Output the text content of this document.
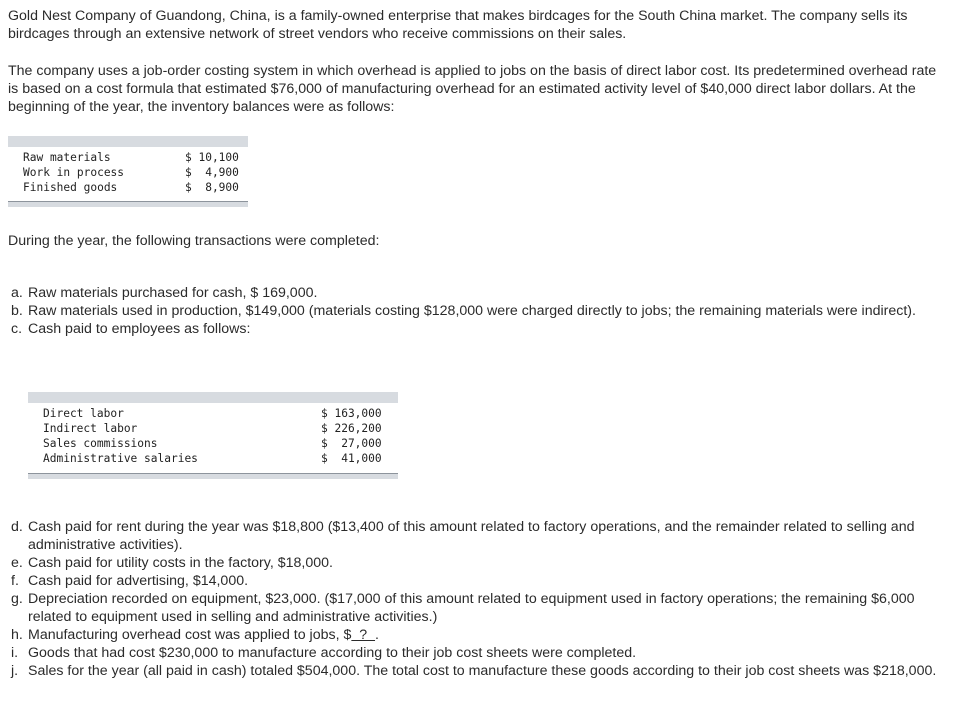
Gold Nest Company of Guandong, China, is a family-owned enterprise that makes birdcages for the South China market. The company sells its birdcages through an extensive network of street vendors who receive commissions on their sales.

The company uses a job-order costing system in which overhead is applied to jobs on the basis of direct labor cost. Its predetermined overhead rate is based on a cost formula that estimated $76,000 of manufacturing overhead for an estimated activity level of $40,000 direct labor dollars. At the beginning of the year, the inventory balances were as follows:

Raw materials	$ 10,100
Work in process	$  4,900
Finished goods	$  8,900

During the year, the following transactions were completed:

a. Raw materials purchased for cash, $ 169,000.
b. Raw materials used in production, $149,000 (materials costing $128,000 were charged directly to jobs; the remaining materials were indirect).
c. Cash paid to employees as follows:
Direct labor	$ 163,000
Indirect labor	$ 226,200
Sales commissions	$  27,000
Administrative salaries	$  41,000
d. Cash paid for rent during the year was $18,800 ($13,400 of this amount related to factory operations, and the remainder related to selling and administrative activities).
e. Cash paid for utility costs in the factory, $18,000.
f. Cash paid for advertising, $14,000.
g. Depreciation recorded on equipment, $23,000. ($17,000 of this amount related to equipment used in factory operations; the remaining $6,000 related to equipment used in selling and administrative activities.)
h. Manufacturing overhead cost was applied to jobs, $  ?  .
i. Goods that had cost $230,000 to manufacture according to their job cost sheets were completed.
j. Sales for the year (all paid in cash) totaled $504,000. The total cost to manufacture these goods according to their job cost sheets was $218,000.
